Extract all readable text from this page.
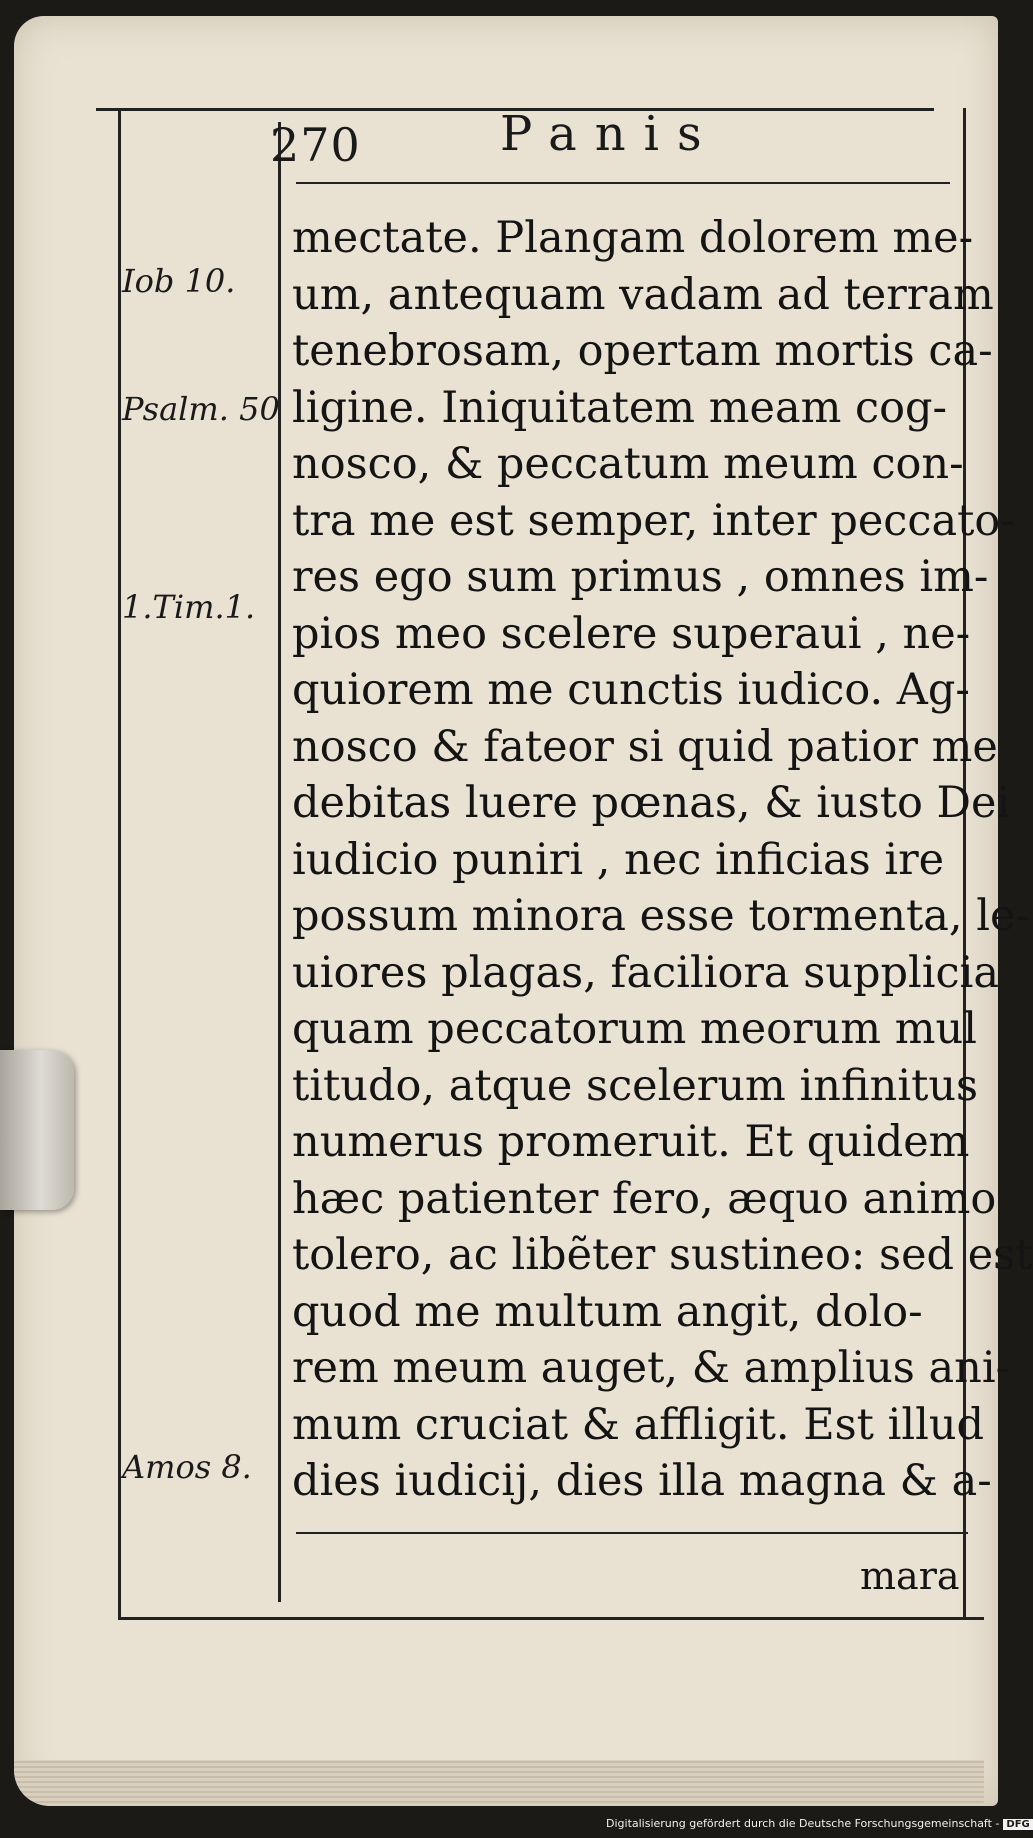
270	Panis
Iob 10.
Psalm. 50
1.Tim.1.
Amos 8.
mectate. Plangam dolorem me-
um, antequam vadam ad terram
tenebrosam, opertam mortis ca-
ligine. Iniquitatem meam cog-
nosco, & peccatum meum con-
tra me est semper, inter peccato-
res ego sum primus , omnes im-
pios meo scelere superaui , ne-
quiorem me cunctis iudico. Ag-
nosco & fateor si quid patior me
debitas luere pœnas, & iusto Dei
iudicio puniri , nec inficias ire
possum minora esse tormenta, le-
uiores plagas, faciliora supplicia
quam peccatorum meorum mul
titudo, atque scelerum infinitus
numerus promeruit. Et quidem
hæc patienter fero, æquo animo
tolero, ac libẽter sustineo: sed est
quod me multum angit, dolo-
rem meum auget, & amplius ani-
mum cruciat & affligit. Est illud
dies iudicij, dies illa magna & a-
mara
Digitalisierung gefördert durch die Deutsche Forschungsgemeinschaft - DFG
